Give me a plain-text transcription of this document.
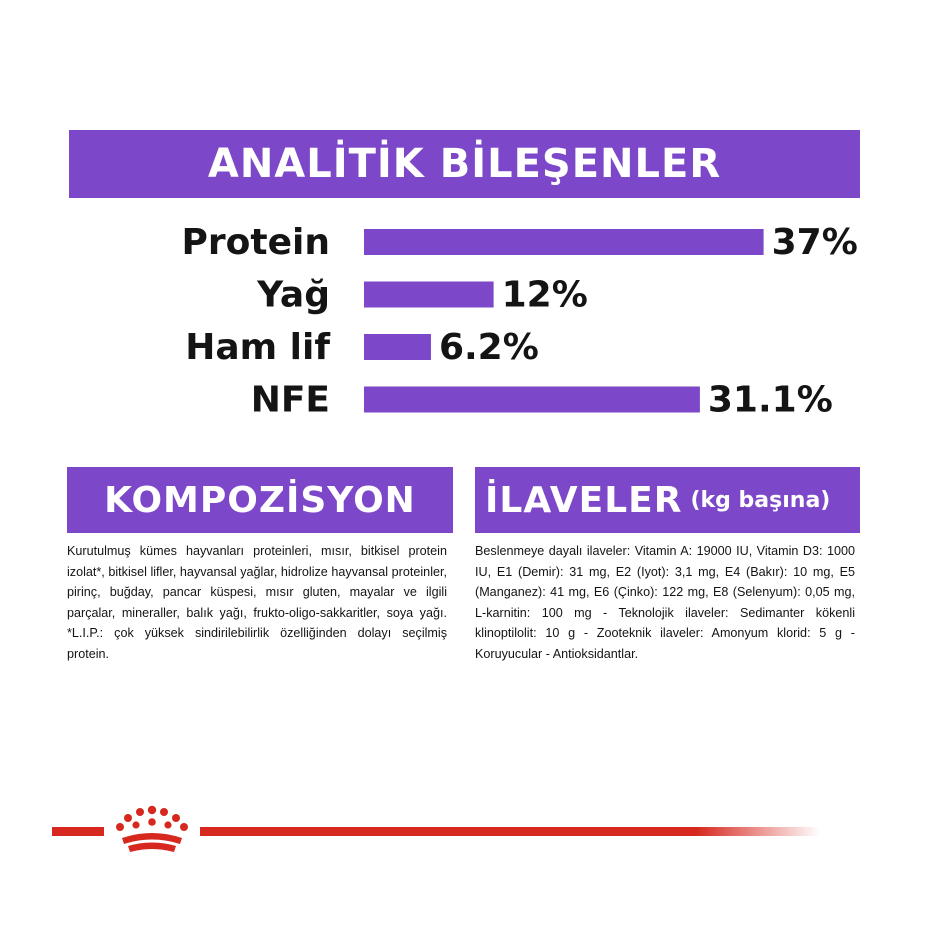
ANALİTİK BİLEŞENLER
Protein	37%
Yağ	12%
Ham lif	6.2%
NFE	31.1%
KOMPOZİSYON İLAVELER (kg başına)
Kurutulmuş kümes hayvanları proteinleri, mısır, bitkisel protein izolat*, bitkisel lifler, hayvansal yağlar, hidrolize hayvansal proteinler, pirinç, buğday, pancar küspesi, mısır gluten, mayalar ve ilgili parçalar, mineraller, balık yağı, frukto-oligo-sakkaritler, soya yağı. *L.I.P.: çok yüksek sindirilebilirlik özelliğinden dolayı seçilmiş protein.
Beslenmeye dayalı ilaveler: Vitamin A: 19000 IU, Vitamin D3: 1000 IU, E1 (Demir): 31 mg, E2 (Iyot): 3,1 mg, E4 (Bakır): 10 mg, E5 (Manganez): 41 mg, E6 (Çinko): 122 mg, E8 (Selenyum): 0,05 mg, L-karnitin: 100 mg - Teknolojik ilaveler: Sedimanter kökenli klinoptilolit: 10 g - Zooteknik ilaveler: Amonyum klorid: 5 g - Koruyucular - Antioksidantlar.
